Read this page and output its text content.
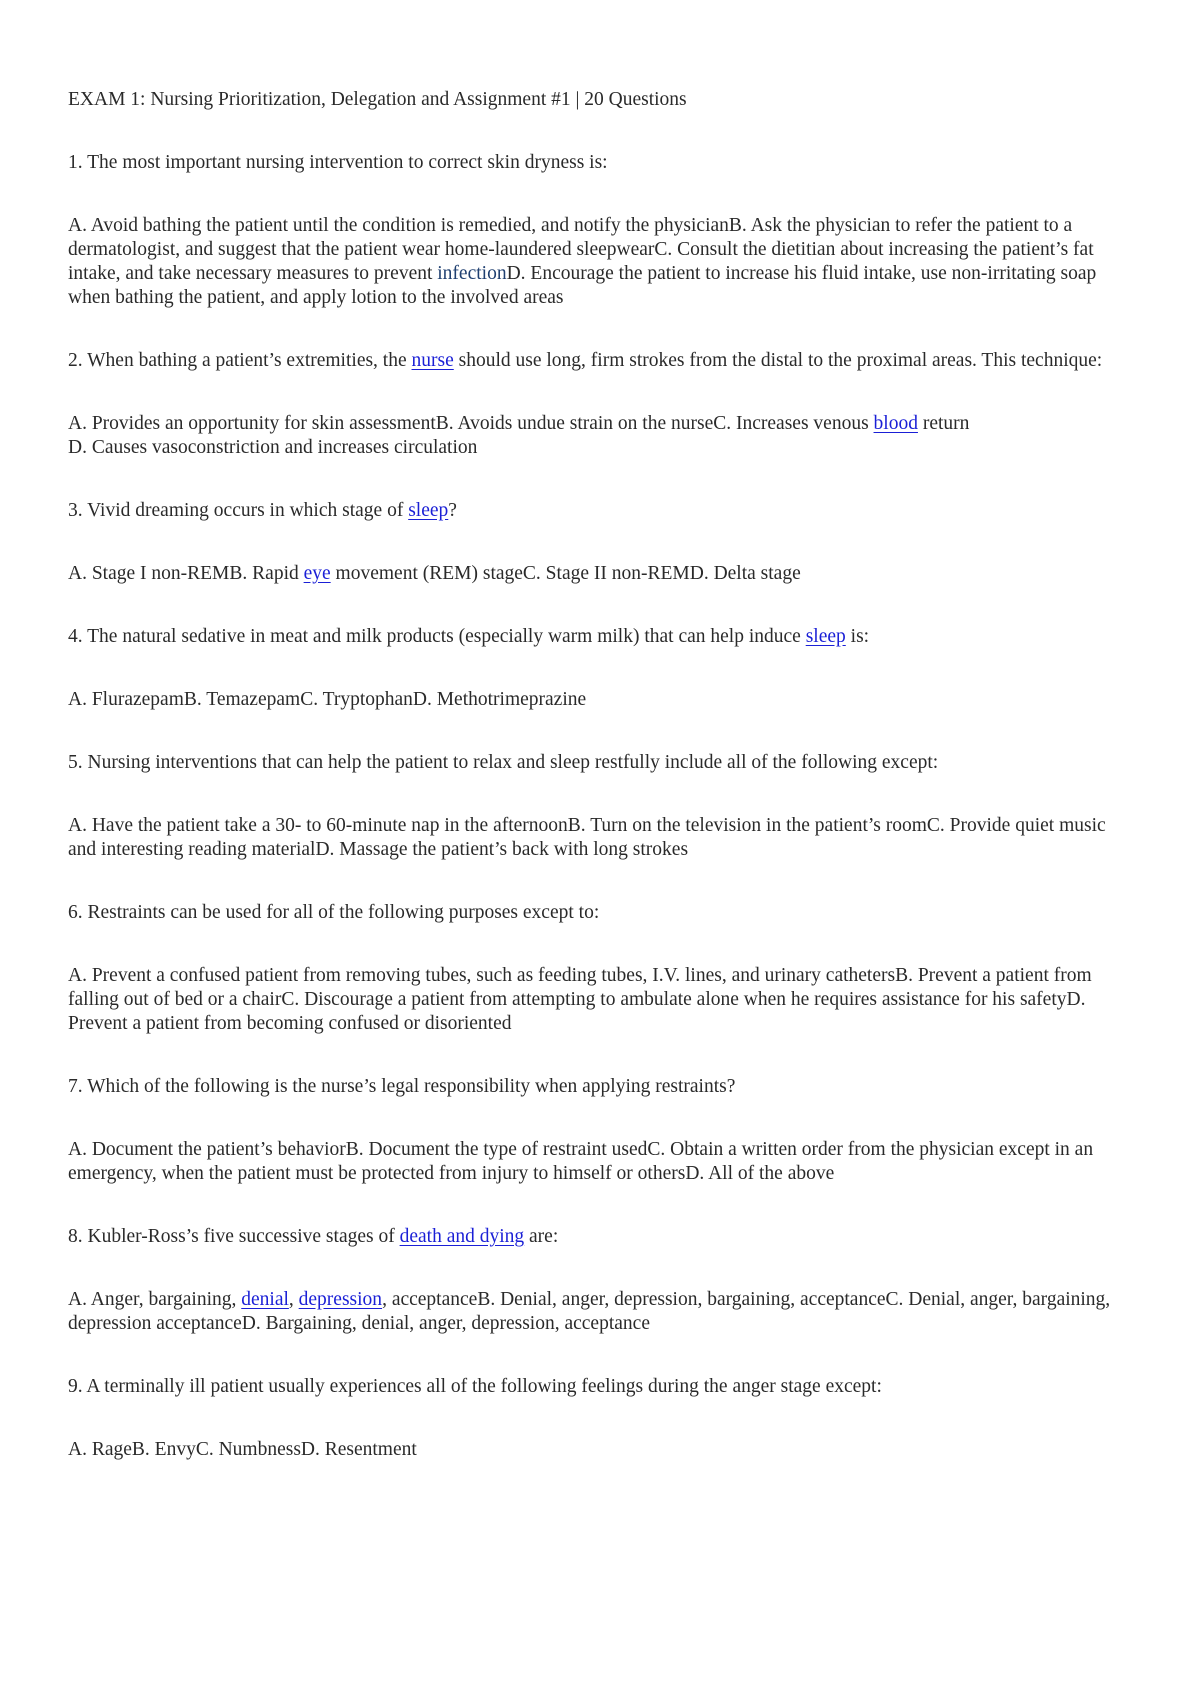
EXAM 1: Nursing Prioritization, Delegation and Assignment #1 | 20 Questions

1. The most important nursing intervention to correct skin dryness is:

A. Avoid bathing the patient until the condition is remedied, and notify the physicianB. Ask the physician to refer the patient to a dermatologist, and suggest that the patient wear home-laundered sleepwearC. Consult the dietitian about increasing the patient’s fat intake, and take necessary measures to prevent infectionD. Encourage the patient to increase his fluid intake, use non-irritating soap when bathing the patient, and apply lotion to the involved areas

2. When bathing a patient’s extremities, the nurse should use long, firm strokes from the distal to the proximal areas. This technique:

A. Provides an opportunity for skin assessmentB. Avoids undue strain on the nurseC. Increases venous blood return
D. Causes vasoconstriction and increases circulation

3. Vivid dreaming occurs in which stage of sleep?

A. Stage I non-REMB. Rapid eye movement (REM) stageC. Stage II non-REMD. Delta stage

4. The natural sedative in meat and milk products (especially warm milk) that can help induce sleep is:

A. FlurazepamB. TemazepamC. TryptophanD. Methotrimeprazine

5. Nursing interventions that can help the patient to relax and sleep restfully include all of the following except:

A. Have the patient take a 30- to 60-minute nap in the afternoonB. Turn on the television in the patient’s roomC. Provide quiet music and interesting reading materialD. Massage the patient’s back with long strokes

6. Restraints can be used for all of the following purposes except to:

A. Prevent a confused patient from removing tubes, such as feeding tubes, I.V. lines, and urinary cathetersB. Prevent a patient from falling out of bed or a chairC. Discourage a patient from attempting to ambulate alone when he requires assistance for his safetyD. Prevent a patient from becoming confused or disoriented

7. Which of the following is the nurse’s legal responsibility when applying restraints?

A. Document the patient’s behaviorB. Document the type of restraint usedC. Obtain a written order from the physician except in an emergency, when the patient must be protected from injury to himself or othersD. All of the above

8. Kubler-Ross’s five successive stages of death and dying are:

A. Anger, bargaining, denial, depression, acceptanceB. Denial, anger, depression, bargaining, acceptanceC. Denial, anger, bargaining, depression acceptanceD. Bargaining, denial, anger, depression, acceptance

9. A terminally ill patient usually experiences all of the following feelings during the anger stage except:

A. RageB. EnvyC. NumbnessD. Resentment
